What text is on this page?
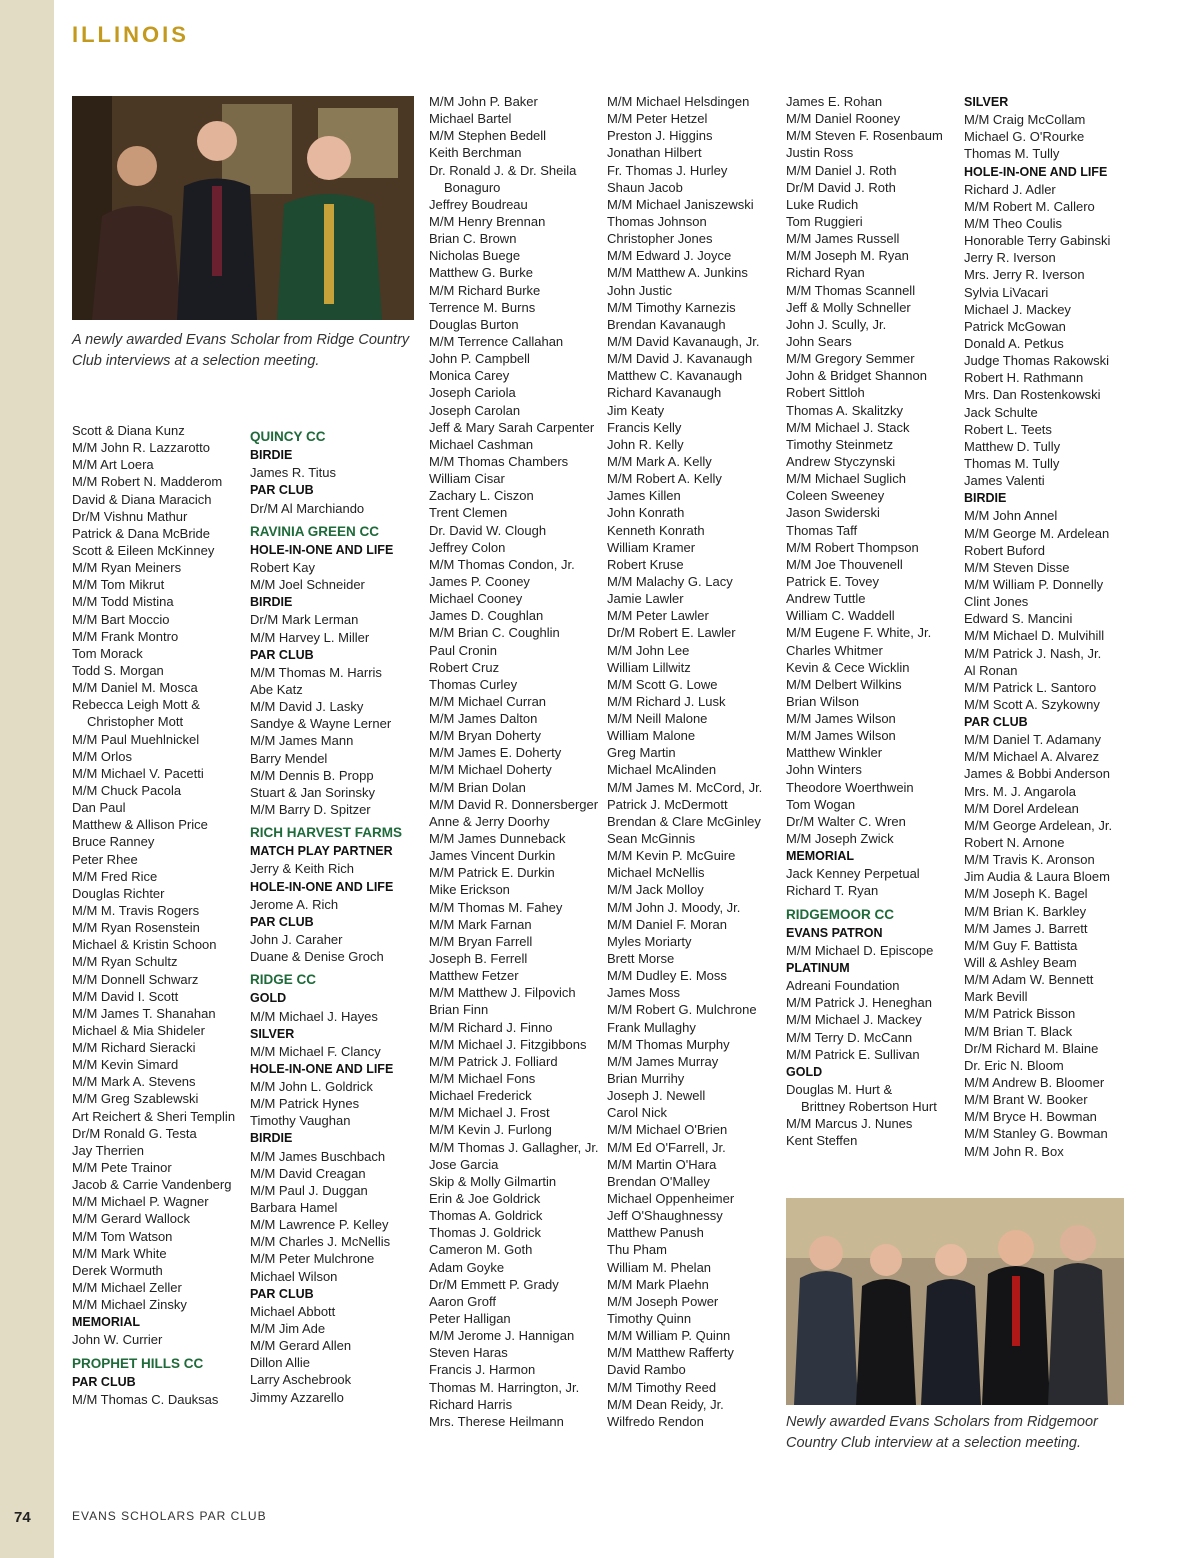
ILLINOIS
A newly awarded Evans Scholar from Ridge Country Club interviews at a selection meeting.
Scott & Diana Kunz
M/M John R. Lazzarotto
M/M Art Loera
M/M Robert N. Madderom
David & Diana Maracich
Dr/M Vishnu Mathur
Patrick & Dana McBride
Scott & Eileen McKinney
M/M Ryan Meiners
M/M Tom Mikrut
M/M Todd Mistina
M/M Bart Moccio
M/M Frank Montro
Tom Morack
Todd S. Morgan
M/M Daniel M. Mosca
Rebecca Leigh Mott &
Christopher Mott
M/M Paul Muehlnickel
M/M Orlos
M/M Michael V. Pacetti
M/M Chuck Pacola
Dan Paul
Matthew & Allison Price
Bruce Ranney
Peter Rhee
M/M Fred Rice
Douglas Richter
M/M M. Travis Rogers
M/M Ryan Rosenstein
Michael & Kristin Schoon
M/M Ryan Schultz
M/M Donnell Schwarz
M/M David I. Scott
M/M James T. Shanahan
Michael & Mia Shideler
M/M Richard Sieracki
M/M Kevin Simard
M/M Mark A. Stevens
M/M Greg Szablewski
Art Reichert & Sheri Templin
Dr/M Ronald G. Testa
Jay Therrien
M/M Pete Trainor
Jacob & Carrie Vandenberg
M/M Michael P. Wagner
M/M Gerard Wallock
M/M Tom Watson
M/M Mark White
Derek Wormuth
M/M Michael Zeller
M/M Michael Zinsky
MEMORIAL
John W. Currier
PROPHET HILLS CC
PAR CLUB
M/M Thomas C. Dauksas
QUINCY CC
BIRDIE
James R. Titus
PAR CLUB
Dr/M Al Marchiando
RAVINIA GREEN CC
HOLE-IN-ONE AND LIFE
Robert Kay
M/M Joel Schneider
BIRDIE
Dr/M Mark Lerman
M/M Harvey L. Miller
PAR CLUB
M/M Thomas M. Harris
Abe Katz
M/M David J. Lasky
Sandye & Wayne Lerner
M/M James Mann
Barry Mendel
M/M Dennis B. Propp
Stuart & Jan Sorinsky
M/M Barry D. Spitzer
RICH HARVEST FARMS
MATCH PLAY PARTNER
Jerry & Keith Rich
HOLE-IN-ONE AND LIFE
Jerome A. Rich
PAR CLUB
John J. Caraher
Duane & Denise Groch
RIDGE CC
GOLD
M/M Michael J. Hayes
SILVER
M/M Michael F. Clancy
HOLE-IN-ONE AND LIFE
M/M John L. Goldrick
M/M Patrick Hynes
Timothy Vaughan
BIRDIE
M/M James Buschbach
M/M David Creagan
M/M Paul J. Duggan
Barbara Hamel
M/M Lawrence P. Kelley
M/M Charles J. McNellis
M/M Peter Mulchrone
Michael Wilson
PAR CLUB
Michael Abbott
M/M Jim Ade
M/M Gerard Allen
Dillon Allie
Larry Aschebrook
Jimmy Azzarello
M/M John P. Baker
Michael Bartel
M/M Stephen Bedell
Keith Berchman
Dr. Ronald J. & Dr. Sheila
Bonaguro
Jeffrey Boudreau
M/M Henry Brennan
Brian C. Brown
Nicholas Buege
Matthew G. Burke
M/M Richard Burke
Terrence M. Burns
Douglas Burton
M/M Terrence Callahan
John P. Campbell
Monica Carey
Joseph Cariola
Joseph Carolan
Jeff & Mary Sarah Carpenter
Michael Cashman
M/M Thomas Chambers
William Cisar
Zachary L. Ciszon
Trent Clemen
Dr. David W. Clough
Jeffrey Colon
M/M Thomas Condon, Jr.
James P. Cooney
Michael Cooney
James D. Coughlan
M/M Brian C. Coughlin
Paul Cronin
Robert Cruz
Thomas Curley
M/M Michael Curran
M/M James Dalton
M/M Bryan Doherty
M/M James E. Doherty
M/M Michael Doherty
M/M Brian Dolan
M/M David R. Donnersberger
Anne & Jerry Doorhy
M/M James Dunneback
James Vincent Durkin
M/M Patrick E. Durkin
Mike Erickson
M/M Thomas M. Fahey
M/M Mark Farnan
M/M Bryan Farrell
Joseph B. Ferrell
Matthew Fetzer
M/M Matthew J. Filpovich
Brian Finn
M/M Richard J. Finno
M/M Michael J. Fitzgibbons
M/M Patrick J. Folliard
M/M Michael Fons
Michael Frederick
M/M Michael J. Frost
M/M Kevin J. Furlong
M/M Thomas J. Gallagher, Jr.
Jose Garcia
Skip & Molly Gilmartin
Erin & Joe Goldrick
Thomas A. Goldrick
Thomas J. Goldrick
Cameron M. Goth
Adam Goyke
Dr/M Emmett P. Grady
Aaron Groff
Peter Halligan
M/M Jerome J. Hannigan
Steven Haras
Francis J. Harmon
Thomas M. Harrington, Jr.
Richard Harris
Mrs. Therese Heilmann
M/M Michael Helsdingen
M/M Peter Hetzel
Preston J. Higgins
Jonathan Hilbert
Fr. Thomas J. Hurley
Shaun Jacob
M/M Michael Janiszewski
Thomas Johnson
Christopher Jones
M/M Edward J. Joyce
M/M Matthew A. Junkins
John Justic
M/M Timothy Karnezis
Brendan Kavanaugh
M/M David Kavanaugh, Jr.
M/M David J. Kavanaugh
Matthew C. Kavanaugh
Richard Kavanaugh
Jim Keaty
Francis Kelly
John R. Kelly
M/M Mark A. Kelly
M/M Robert A. Kelly
James Killen
John Konrath
Kenneth Konrath
William Kramer
Robert Kruse
M/M Malachy G. Lacy
Jamie Lawler
M/M Peter Lawler
Dr/M Robert E. Lawler
M/M John Lee
William Lillwitz
M/M Scott G. Lowe
M/M Richard J. Lusk
M/M Neill Malone
William Malone
Greg Martin
Michael McAlinden
M/M James M. McCord, Jr.
Patrick J. McDermott
Brendan & Clare McGinley
Sean McGinnis
M/M Kevin P. McGuire
Michael McNellis
M/M Jack Molloy
M/M John J. Moody, Jr.
M/M Daniel F. Moran
Myles Moriarty
Brett Morse
M/M Dudley E. Moss
James Moss
M/M Robert G. Mulchrone
Frank Mullaghy
M/M Thomas Murphy
M/M James Murray
Brian Murrihy
Joseph J. Newell
Carol Nick
M/M Michael O'Brien
M/M Ed O'Farrell, Jr.
M/M Martin O'Hara
Brendan O'Malley
Michael Oppenheimer
Jeff O'Shaughnessy
Matthew Panush
Thu Pham
William M. Phelan
M/M Mark Plaehn
M/M Joseph Power
Timothy Quinn
M/M William P. Quinn
M/M Matthew Rafferty
David Rambo
M/M Timothy Reed
M/M Dean Reidy, Jr.
Wilfredo Rendon
James E. Rohan
M/M Daniel Rooney
M/M Steven F. Rosenbaum
Justin Ross
M/M Daniel J. Roth
Dr/M David J. Roth
Luke Rudich
Tom Ruggieri
M/M James Russell
M/M Joseph M. Ryan
Richard Ryan
M/M Thomas Scannell
Jeff & Molly Schneller
John J. Scully, Jr.
John Sears
M/M Gregory Semmer
John & Bridget Shannon
Robert Sittloh
Thomas A. Skalitzky
M/M Michael J. Stack
Timothy Steinmetz
Andrew Styczynski
M/M Michael Suglich
Coleen Sweeney
Jason Swiderski
Thomas Taff
M/M Robert Thompson
M/M Joe Thouvenell
Patrick E. Tovey
Andrew Tuttle
William C. Waddell
M/M Eugene F. White, Jr.
Charles Whitmer
Kevin & Cece Wicklin
M/M Delbert Wilkins
Brian Wilson
M/M James Wilson
M/M James Wilson
Matthew Winkler
John Winters
Theodore Woerthwein
Tom Wogan
Dr/M Walter C. Wren
M/M Joseph Zwick
MEMORIAL
Jack Kenney Perpetual
Richard T. Ryan
RIDGEMOOR CC
EVANS PATRON
M/M Michael D. Episcope
PLATINUM
Adreani Foundation
M/M Patrick J. Heneghan
M/M Michael J. Mackey
M/M Terry D. McCann
M/M Patrick E. Sullivan
GOLD
Douglas M. Hurt &
Brittney Robertson Hurt
M/M Marcus J. Nunes
Kent Steffen
SILVER
M/M Craig McCollam
Michael G. O'Rourke
Thomas M. Tully
HOLE-IN-ONE AND LIFE
Richard J. Adler
M/M Robert M. Callero
M/M Theo Coulis
Honorable Terry Gabinski
Jerry R. Iverson
Mrs. Jerry R. Iverson
Sylvia LiVacari
Michael J. Mackey
Patrick McGowan
Donald A. Petkus
Judge Thomas Rakowski
Robert H. Rathmann
Mrs. Dan Rostenkowski
Jack Schulte
Robert L. Teets
Matthew D. Tully
Thomas M. Tully
James Valenti
BIRDIE
M/M John Annel
M/M George M. Ardelean
Robert Buford
M/M Steven Disse
M/M William P. Donnelly
Clint Jones
Edward S. Mancini
M/M Michael D. Mulvihill
M/M Patrick J. Nash, Jr.
Al Ronan
M/M Patrick L. Santoro
M/M Scott A. Szykowny
PAR CLUB
M/M Daniel T. Adamany
M/M Michael A. Alvarez
James & Bobbi Anderson
Mrs. M. J. Angarola
M/M Dorel Ardelean
M/M George Ardelean, Jr.
Robert N. Arnone
M/M Travis K. Aronson
Jim Audia & Laura Bloem
M/M Joseph K. Bagel
M/M Brian K. Barkley
M/M James J. Barrett
M/M Guy F. Battista
Will & Ashley Beam
M/M Adam W. Bennett
Mark Bevill
M/M Patrick Bisson
M/M Brian T. Black
Dr/M Richard M. Blaine
Dr. Eric N. Bloom
M/M Andrew B. Bloomer
M/M Brant W. Booker
M/M Bryce H. Bowman
M/M Stanley G. Bowman
M/M John R. Box
Newly awarded Evans Scholars from Ridgemoor Country Club interview at a selection meeting.
74	EVANS SCHOLARS PAR CLUB
